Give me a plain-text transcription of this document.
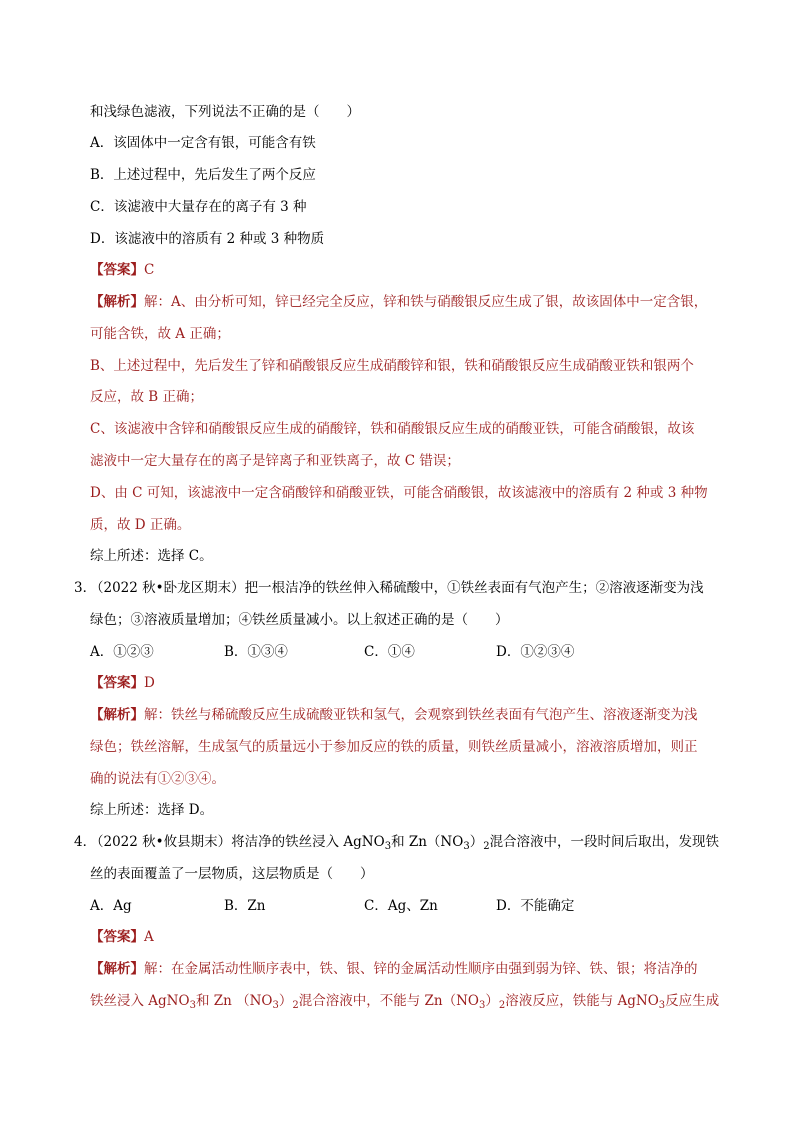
和浅绿色滤液，下列说法不正确的是（　　）
A．该固体中一定含有银，可能含有铁
B．上述过程中，先后发生了两个反应
C．该滤液中大量存在的离子有 3 种
D．该滤液中的溶质有 2 种或 3 种物质
【答案】C
【解析】解：A、由分析可知，锌已经完全反应，锌和铁与硝酸银反应生成了银，故该固体中一定含银，
可能含铁，故 A 正确；
B、上述过程中，先后发生了锌和硝酸银反应生成硝酸锌和银，铁和硝酸银反应生成硝酸亚铁和银两个
反应，故 B 正确；
C、该滤液中含锌和硝酸银反应生成的硝酸锌，铁和硝酸银反应生成的硝酸亚铁，可能含硝酸银，故该
滤液中一定大量存在的离子是锌离子和亚铁离子，故 C 错误；
D、由 C 可知，该滤液中一定含硝酸锌和硝酸亚铁，可能含硝酸银，故该滤液中的溶质有 2 种或 3 种物
质，故 D 正确。
综上所述：选择 C。
3．
（2022 秋•卧龙区期末）把一根洁净的铁丝伸入稀硫酸中，①铁丝表面有气泡产生；②溶液逐渐变为浅
绿色；③溶液质量增加；④铁丝质量减小。以上叙述正确的是（　　）
A．①②③	B．①③④	C．①④	D．①②③④
【答案】D
【解析】解：铁丝与稀硫酸反应生成硫酸亚铁和氢气，会观察到铁丝表面有气泡产生、溶液逐渐变为浅
绿色；铁丝溶解，生成氢气的质量远小于参加反应的铁的质量，则铁丝质量减小，溶液溶质增加，则正
确的说法有①②③④。
综上所述：选择 D。
4．
（2022 秋•攸县期末）将洁净的铁丝浸入 AgNO$_3$和 $Zn(NO_3)_2$混合溶液中，一段时间后取出，发现铁
丝的表面覆盖了一层物质，这层物质是（　　）
A．Ag	B．Zn	C．Ag、Zn	D．不能确定
【答案】A
【解析】解：在金属活动性顺序表中，铁、银、锌的金属活动性顺序由强到弱为锌、铁、银；将洁净的
铁丝浸入 AgNO$_3$和 Zn $(NO_3)_2$混合溶液中，不能与 $Zn(NO_3)_2$溶液反应，铁能与 AgNO$_3$反应生成
